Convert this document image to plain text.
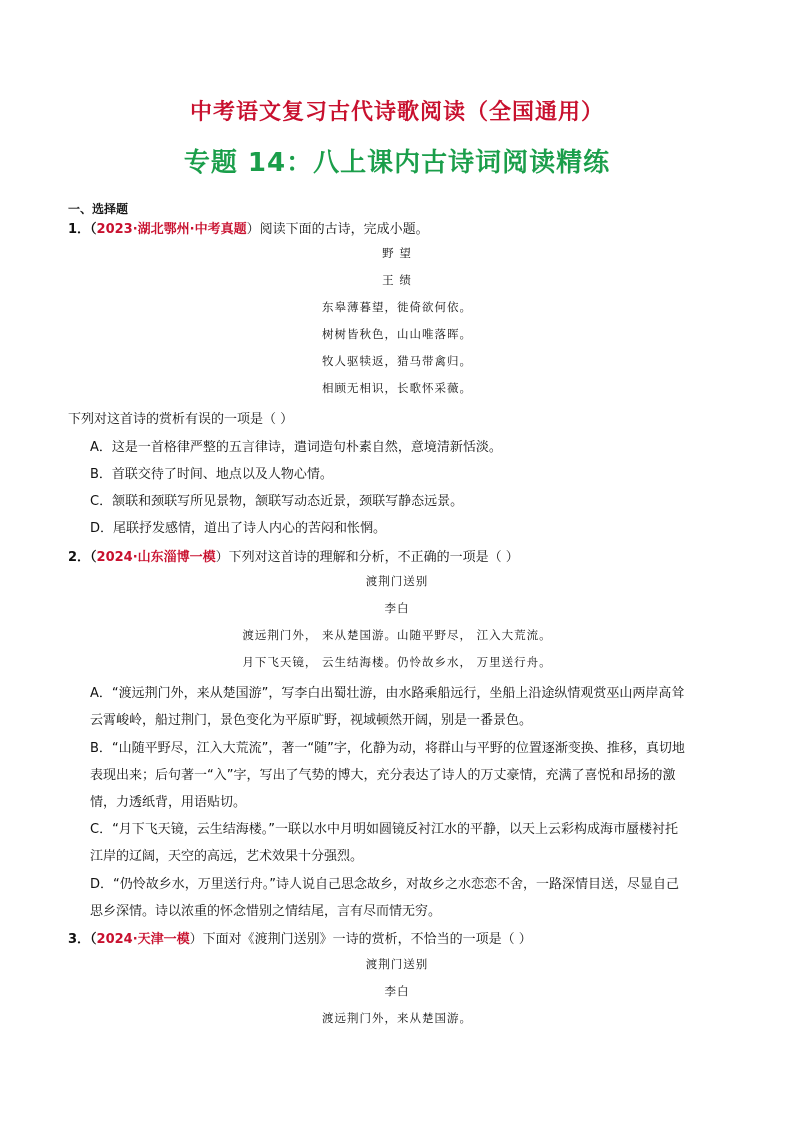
中考语文复习古代诗歌阅读（全国通用）
专题 14：八上课内古诗词阅读精练
一、选择题
1．（2023·湖北鄂州·中考真题）阅读下面的古诗，完成小题。
野 望
王 绩
东皋薄暮望，徙倚欲何依。
树树皆秋色，山山唯落晖。
牧人驱犊返，猎马带禽归。
相顾无相识，长歌怀采薇。
下列对这首诗的赏析有误的一项是（ ）
A．这是一首格律严整的五言律诗，遣词造句朴素自然，意境清新恬淡。
B．首联交待了时间、地点以及人物心情。
C．颔联和颈联写所见景物，颔联写动态近景，颈联写静态远景。
D．尾联抒发感情，道出了诗人内心的苦闷和怅惘。
2．（2024·山东淄博一模）下列对这首诗的理解和分析，不正确的一项是（ ）
渡荆门送别
李白
渡远荆门外， 来从楚国游。山随平野尽， 江入大荒流。
月下飞天镜， 云生结海楼。仍怜故乡水， 万里送行舟。
A．“渡远荆门外，来从楚国游”，写李白出蜀壮游，由水路乘船远行，坐船上沿途纵情观赏巫山两岸高耸
云霄峻岭，船过荆门，景色变化为平原旷野，视域顿然开阔，别是一番景色。
B．“山随平野尽，江入大荒流”，著一“随”字，化静为动，将群山与平野的位置逐渐变换、推移，真切地
表现出来；后句著一“入”字，写出了气势的博大，充分表达了诗人的万丈豪情，充满了喜悦和昂扬的激
情，力透纸背，用语贴切。
C．“月下飞天镜，云生结海楼。”一联以水中月明如圆镜反衬江水的平静，以天上云彩构成海市蜃楼衬托
江岸的辽阔，天空的高远，艺术效果十分强烈。
D．“仍怜故乡水，万里送行舟。”诗人说自己思念故乡，对故乡之水恋恋不舍，一路深情目送，尽显自己
思乡深情。诗以浓重的怀念惜别之情结尾，言有尽而情无穷。
3．（2024·天津一模）下面对《渡荆门送别》一诗的赏析，不恰当的一项是（ ）
渡荆门送别
李白
渡远荆门外，来从楚国游。
